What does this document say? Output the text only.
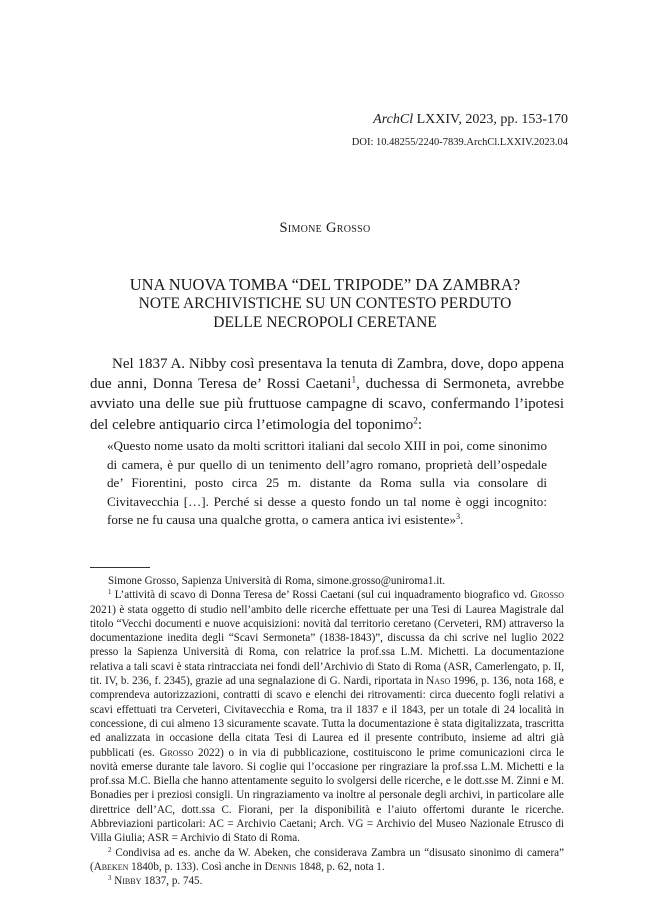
ArchCl LXXIV, 2023, pp. 153-170
DOI: 10.48255/2240-7839.ArchCl.LXXIV.2023.04
Simone Grosso
UNA NUOVA TOMBA “DEL TRIPODE” DA ZAMBRA?
NOTE ARCHIVISTICHE SU UN CONTESTO PERDUTO
DELLE NECROPOLI CERETANE
Nel 1837 A. Nibby così presentava la tenuta di Zambra, dove, dopo appena due anni, Donna Teresa de’ Rossi Caetani$^1$, duchessa di Sermoneta, avrebbe avviato una delle sue più fruttuose campagne di scavo, confermando l’ipotesi del celebre antiquario circa l’etimologia del toponimo$^2$:
«Questo nome usato da molti scrittori italiani dal secolo XIII in poi, come sinonimo di camera, è pur quello di un tenimento dell’agro romano, proprietà dell’ospedale de’ Fiorentini, posto circa 25 m. distante da Roma sulla via consolare di Civitavecchia […]. Perché si desse a questo fondo un tal nome è oggi incognito: forse ne fu causa una qualche grotta, o camera antica ivi esistente»$^3$.

Simone Grosso, Sapienza Università di Roma, simone.grosso@uniroma1.it.

$^1$ L’attività di scavo di Donna Teresa de’ Rossi Caetani (sul cui inquadramento biografico vd. Grosso 2021) è stata oggetto di studio nell’ambito delle ricerche effettuate per una Tesi di Laurea Magistrale dal titolo “Vecchi documenti e nuove acquisizioni: novità dal territorio ceretano (Cerveteri, RM) attraverso la documentazione inedita degli “Scavi Sermoneta” (1838-1843)”, discussa da chi scrive nel luglio 2022 presso la Sapienza Università di Roma, con relatrice la prof.ssa L.M. Michetti. La documentazione relativa a tali scavi è stata rintracciata nei fondi dell’Archivio di Stato di Roma (ASR, Camerlengato, p. II, tit. IV, b. 236, f. 2345), grazie ad una segnalazione di G. Nardi, riportata in Naso 1996, p. 136, nota 168, e comprendeva autorizzazioni, contratti di scavo e elenchi dei ritrovamenti: circa duecento fogli relativi a scavi effettuati tra Cerveteri, Civitavecchia e Roma, tra il 1837 e il 1843, per un totale di 24 località in concessione, di cui almeno 13 sicuramente scavate. Tutta la documentazione è stata digitalizzata, trascritta ed analizzata in occasione della citata Tesi di Laurea ed il presente contributo, insieme ad altri già pubblicati (es. Grosso 2022) o in via di pubblicazione, costituiscono le prime comunicazioni circa le novità emerse durante tale lavoro. Si coglie qui l’occasione per ringraziare la prof.ssa L.M. Michetti e la prof.ssa M.C. Biella che hanno attentamente seguito lo svolgersi delle ricerche, e le dott.sse M. Zinni e M. Bonadies per i preziosi consigli. Un ringraziamento va inoltre al personale degli archivi, in particolare alle direttrice dell’AC, dott.ssa C. Fiorani, per la disponibilità e l’aiuto offertomi durante le ricerche. Abbreviazioni particolari: AC = Archivio Caetani; Arch. VG = Archivio del Museo Nazionale Etrusco di Villa Giulia; ASR = Archivio di Stato di Roma.

$^2$ Condivisa ad es. anche da W. Abeken, che considerava Zambra un “disusato sinonimo di camera” (Abeken 1840b, p. 133). Così anche in Dennis 1848, p. 62, nota 1.

$^3$ Nibby 1837, p. 745.
